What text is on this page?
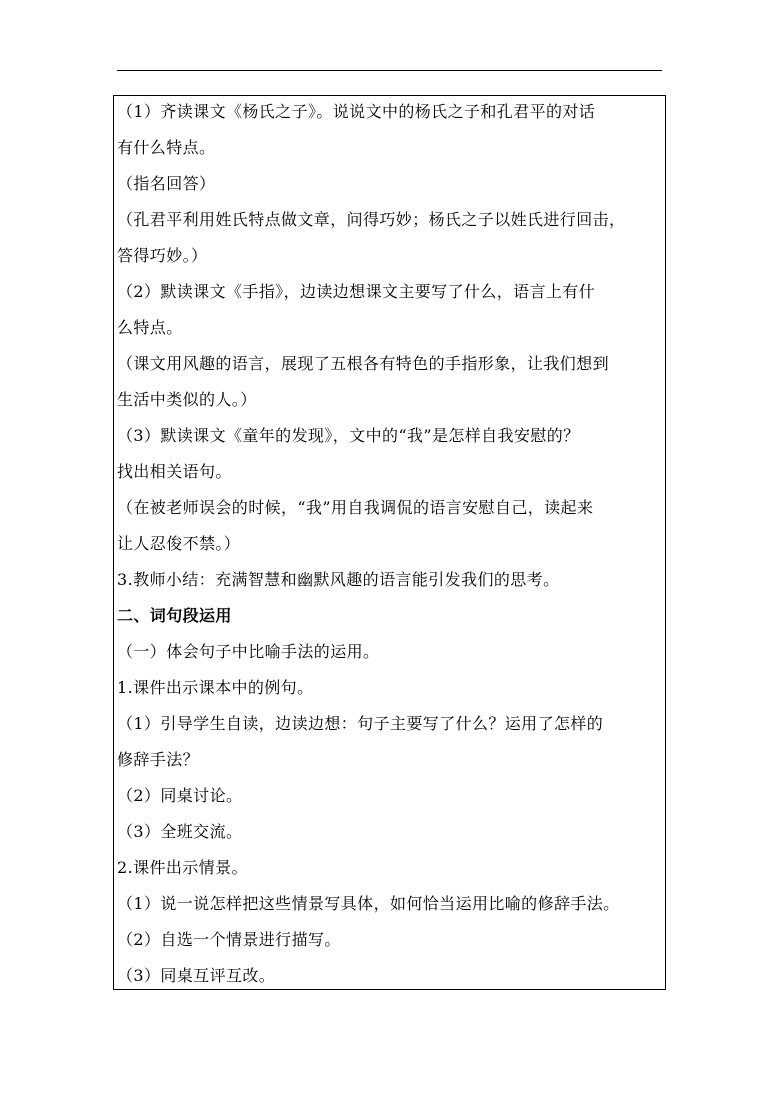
（1）齐读课文《杨氏之子》。说说文中的杨氏之子和孔君平的对话
有什么特点。
（指名回答）
（孔君平利用姓氏特点做文章，问得巧妙；杨氏之子以姓氏进行回击，
答得巧妙。）
（2）默读课文《手指》，边读边想课文主要写了什么，语言上有什
么特点。
（课文用风趣的语言，展现了五根各有特色的手指形象，让我们想到
生活中类似的人。）
（3）默读课文《童年的发现》，文中的“我”是怎样自我安慰的？
找出相关语句。
（在被老师误会的时候，“我”用自我调侃的语言安慰自己，读起来
让人忍俊不禁。）
3.教师小结：充满智慧和幽默风趣的语言能引发我们的思考。
二、词句段运用
（一）体会句子中比喻手法的运用。
1.课件出示课本中的例句。
（1）引导学生自读，边读边想：句子主要写了什么？运用了怎样的
修辞手法？
（2）同桌讨论。
（3）全班交流。
2.课件出示情景。
（1）说一说怎样把这些情景写具体，如何恰当运用比喻的修辞手法。
（2）自选一个情景进行描写。
（3）同桌互评互改。
